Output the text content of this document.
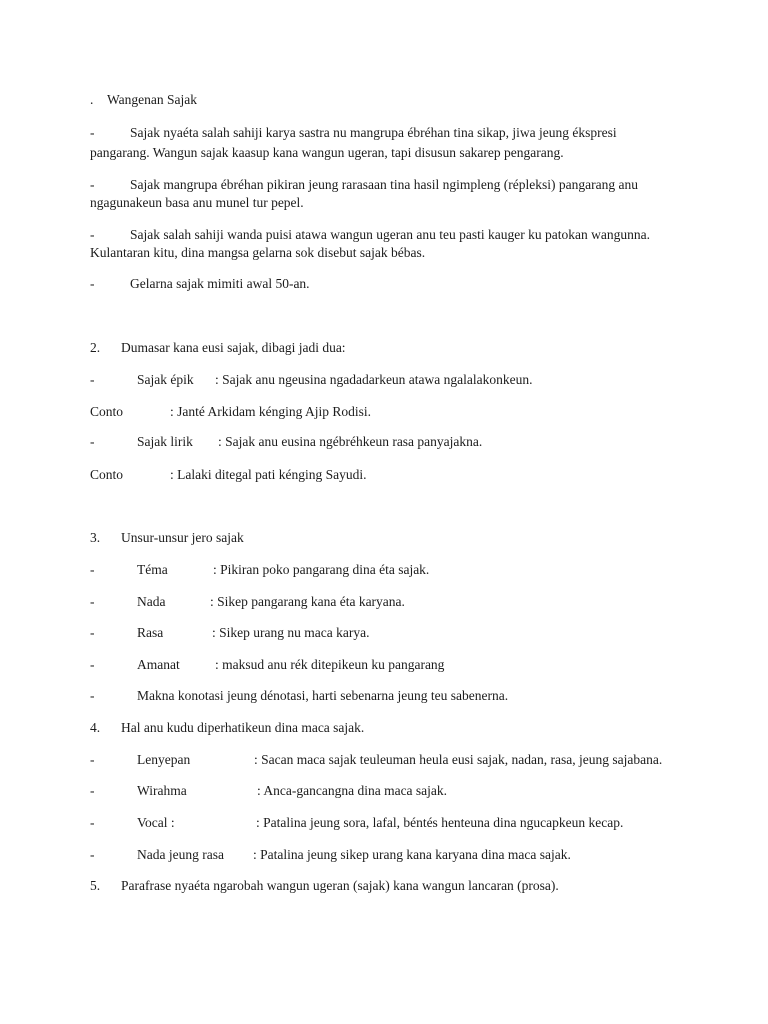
. Wangenan Sajak
-	Sajak nyaéta salah sahiji karya sastra nu mangrupa ébréhan tina sikap, jiwa jeung ékspresi
pangarang. Wangun sajak kaasup kana wangun ugeran, tapi disusun sakarep pengarang.
-	Sajak mangrupa ébréhan pikiran jeung rarasaan tina hasil ngimpleng (répleksi) pangarang anu
ngagunakeun basa anu munel tur pepel.
-	Sajak salah sahiji wanda puisi atawa wangun ugeran anu teu pasti kauger ku patokan wangunna.
Kulantaran kitu, dina mangsa gelarna sok disebut sajak bébas.
-	Gelarna sajak mimiti awal 50-an.
2. Dumasar kana eusi sajak, dibagi jadi dua:
-	Sajak épik : Sajak anu ngeusina ngadadarkeun atawa ngalalakonkeun.
Conto	: Janté Arkidam kénging Ajip Rodisi.
-	Sajak lirik : Sajak anu eusina ngébréhkeun rasa panyajakna.
Conto	: Lalaki ditegal pati kénging Sayudi.
3. Unsur-unsur jero sajak
-	Téma	: Pikiran poko pangarang dina éta sajak.
-	Nada	: Sikep pangarang kana éta karyana.
-	Rasa	: Sikep urang nu maca karya.
-	Amanat	: maksud anu rék ditepikeun ku pangarang
-	Makna konotasi jeung dénotasi, harti sebenarna jeung teu sabenerna.
4. Hal anu kudu diperhatikeun dina maca sajak.
-	Lenyepan	: Sacan maca sajak teuleuman heula eusi sajak, nadan, rasa, jeung sajabana.
-	Wirahma	: Anca-gancangna dina maca sajak.
-	Vocal :	: Patalina jeung sora, lafal, béntés henteuna dina ngucapkeun kecap.
-	Nada jeung rasa : Patalina jeung sikep urang kana karyana dina maca sajak.
5. Parafrase nyaéta ngarobah wangun ugeran (sajak) kana wangun lancaran (prosa).
